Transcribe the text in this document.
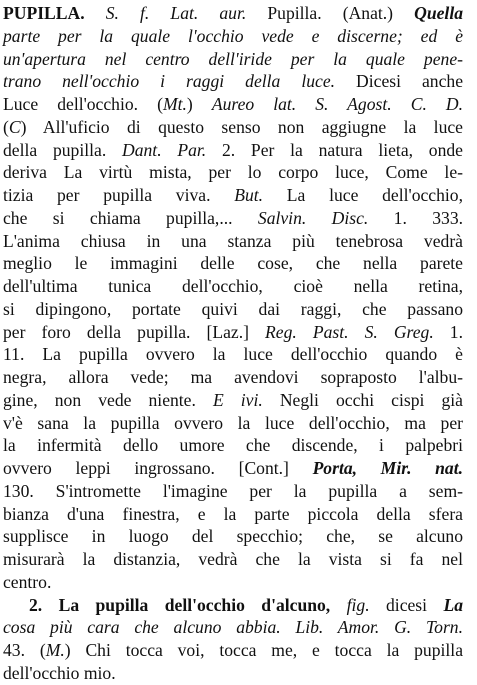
PUPILLA. S. f. Lat. aur. Pupilla. (Anat.) Quella
parte per la quale l'occhio vede e discerne; ed è
un'apertura nel centro dell'iride per la quale pene-
trano nell'occhio i raggi della luce. Dicesi anche
Luce dell'occhio. (Mt.) Aureo lat. S. Agost. C. D.
(C) All'uficio di questo senso non aggiugne la luce
della pupilla. Dant. Par. 2. Per la natura lieta, onde
deriva La virtù mista, per lo corpo luce, Come le-
tizia per pupilla viva. But. La luce dell'occhio,
che si chiama pupilla,... Salvin. Disc. 1. 333.
L'anima chiusa in una stanza più tenebrosa vedrà
meglio le immagini delle cose, che nella parete
dell'ultima tunica dell'occhio, cioè nella retina,
si dipingono, portate quivi dai raggi, che passano
per foro della pupilla. [Laz.] Reg. Past. S. Greg. 1.
11. La pupilla ovvero la luce dell'occhio quando è
negra, allora vede; ma avendovi sopraposto l'albu-
gine, non vede niente. E ivi. Negli occhi cispi già
v'è sana la pupilla ovvero la luce dell'occhio, ma per
la infermità dello umore che discende, i palpebri
ovvero leppi ingrossano. [Cont.] Porta, Mir. nat.
130. S'intromette l'imagine per la pupilla a sem-
bianza d'una finestra, e la parte piccola della sfera
supplisce in luogo del specchio; che, se alcuno
misurarà la distanzia, vedrà che la vista si fa nel
centro.
2. La pupilla dell'occhio d'alcuno, fig. dicesi La
cosa più cara che alcuno abbia. Lib. Amor. G. Torn.
43. (M.) Chi tocca voi, tocca me, e tocca la pupilla
dell'occhio mio.
